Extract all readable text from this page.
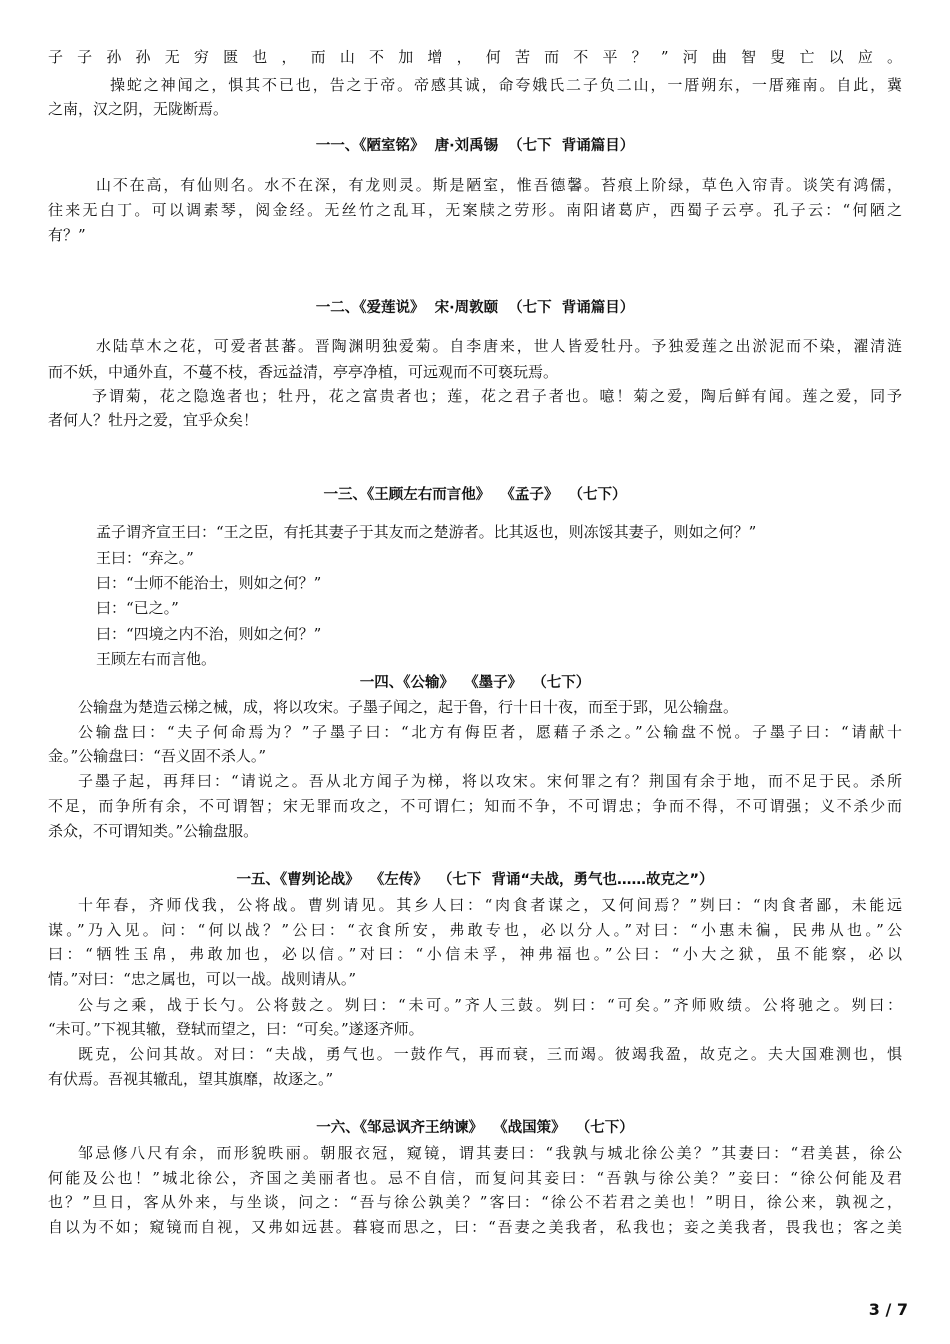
子子孙孙无穷匮也，而山不加增，何苦而不平？”河曲智叟亡以应。
操蛇之神闻之，惧其不已也，告之于帝。帝感其诚，命夸娥氏二子负二山，一厝朔东，一厝雍南。自此，冀
之南，汉之阴，无陇断焉。
一一、《陋室铭》  唐·刘禹锡  （七下  背诵篇目）
山不在高，有仙则名。水不在深，有龙则灵。斯是陋室，惟吾德馨。苔痕上阶绿，草色入帘青。谈笑有鸿儒，
往来无白丁。可以调素琴，阅金经。无丝竹之乱耳，无案牍之劳形。南阳诸葛庐，西蜀子云亭。孔子云：“何陋之
有？”
一二、《爱莲说》  宋·周敦颐  （七下  背诵篇目）
水陆草木之花，可爱者甚蕃。晋陶渊明独爱菊。自李唐来，世人皆爱牡丹。予独爱莲之出淤泥而不染，濯清涟
而不妖，中通外直，不蔓不枝，香远益清，亭亭净植，可远观而不可亵玩焉。
予谓菊，花之隐逸者也；牡丹，花之富贵者也；莲，花之君子者也。噫！菊之爱，陶后鲜有闻。莲之爱，同予
者何人？牡丹之爱，宜乎众矣！
一三、《王顾左右而言他》  《孟子》  （七下）
孟子谓齐宣王曰：“王之臣，有托其妻子于其友而之楚游者。比其返也，则冻馁其妻子，则如之何？”
王曰：“弃之。”
曰：“士师不能治士，则如之何？”
曰：“已之。”
曰：“四境之内不治，则如之何？”
王顾左右而言他。
一四、《公输》  《墨子》  （七下）
公输盘为楚造云梯之械，成，将以攻宋。子墨子闻之，起于鲁，行十日十夜，而至于郢，见公输盘。
公输盘曰：“夫子何命焉为？”子墨子曰：“北方有侮臣者，愿藉子杀之。”公输盘不悦。子墨子曰：“请献十
金。”公输盘曰：“吾义固不杀人。”
子墨子起，再拜曰：“请说之。吾从北方闻子为梯，将以攻宋。宋何罪之有？荆国有余于地，而不足于民。杀所
不足，而争所有余，不可谓智；宋无罪而攻之，不可谓仁；知而不争，不可谓忠；争而不得，不可谓强；义不杀少而
杀众，不可谓知类。”公输盘服。
一五、《曹刿论战》  《左传》  （七下  背诵“夫战，勇气也……故克之”）
十年春，齐师伐我，公将战。曹刿请见。其乡人曰：“肉食者谋之，又何间焉？”刿曰：“肉食者鄙，未能远
谋。”乃入见。问：“何以战？”公曰：“衣食所安，弗敢专也，必以分人。”对曰：“小惠未徧，民弗从也。”公
曰：“牺牲玉帛，弗敢加也，必以信。”对曰：“小信未孚，神弗福也。”公曰：“小大之狱，虽不能察，必以
情。”对曰：“忠之属也，可以一战。战则请从。”
公与之乘，战于长勺。公将鼓之。刿曰：“未可。”齐人三鼓。刿曰：“可矣。”齐师败绩。公将驰之。刿曰：
“未可。”下视其辙，登轼而望之，曰：“可矣。”遂逐齐师。
既克，公问其故。对曰：“夫战，勇气也。一鼓作气，再而衰，三而竭。彼竭我盈，故克之。夫大国难测也，惧
有伏焉。吾视其辙乱，望其旗靡，故逐之。”
一六、《邹忌讽齐王纳谏》  《战国策》  （七下）
邹忌修八尺有余，而形貌昳丽。朝服衣冠，窥镜，谓其妻曰：“我孰与城北徐公美？”其妻曰：“君美甚，徐公
何能及公也！”城北徐公，齐国之美丽者也。忌不自信，而复问其妾曰：“吾孰与徐公美？”妾曰：“徐公何能及君
也？”旦日，客从外来，与坐谈，问之：“吾与徐公孰美？”客曰：“徐公不若君之美也！”明日，徐公来，孰视之，
自以为不如；窥镜而自视，又弗如远甚。暮寝而思之，曰：“吾妻之美我者，私我也；妾之美我者，畏我也；客之美
3 / 7
